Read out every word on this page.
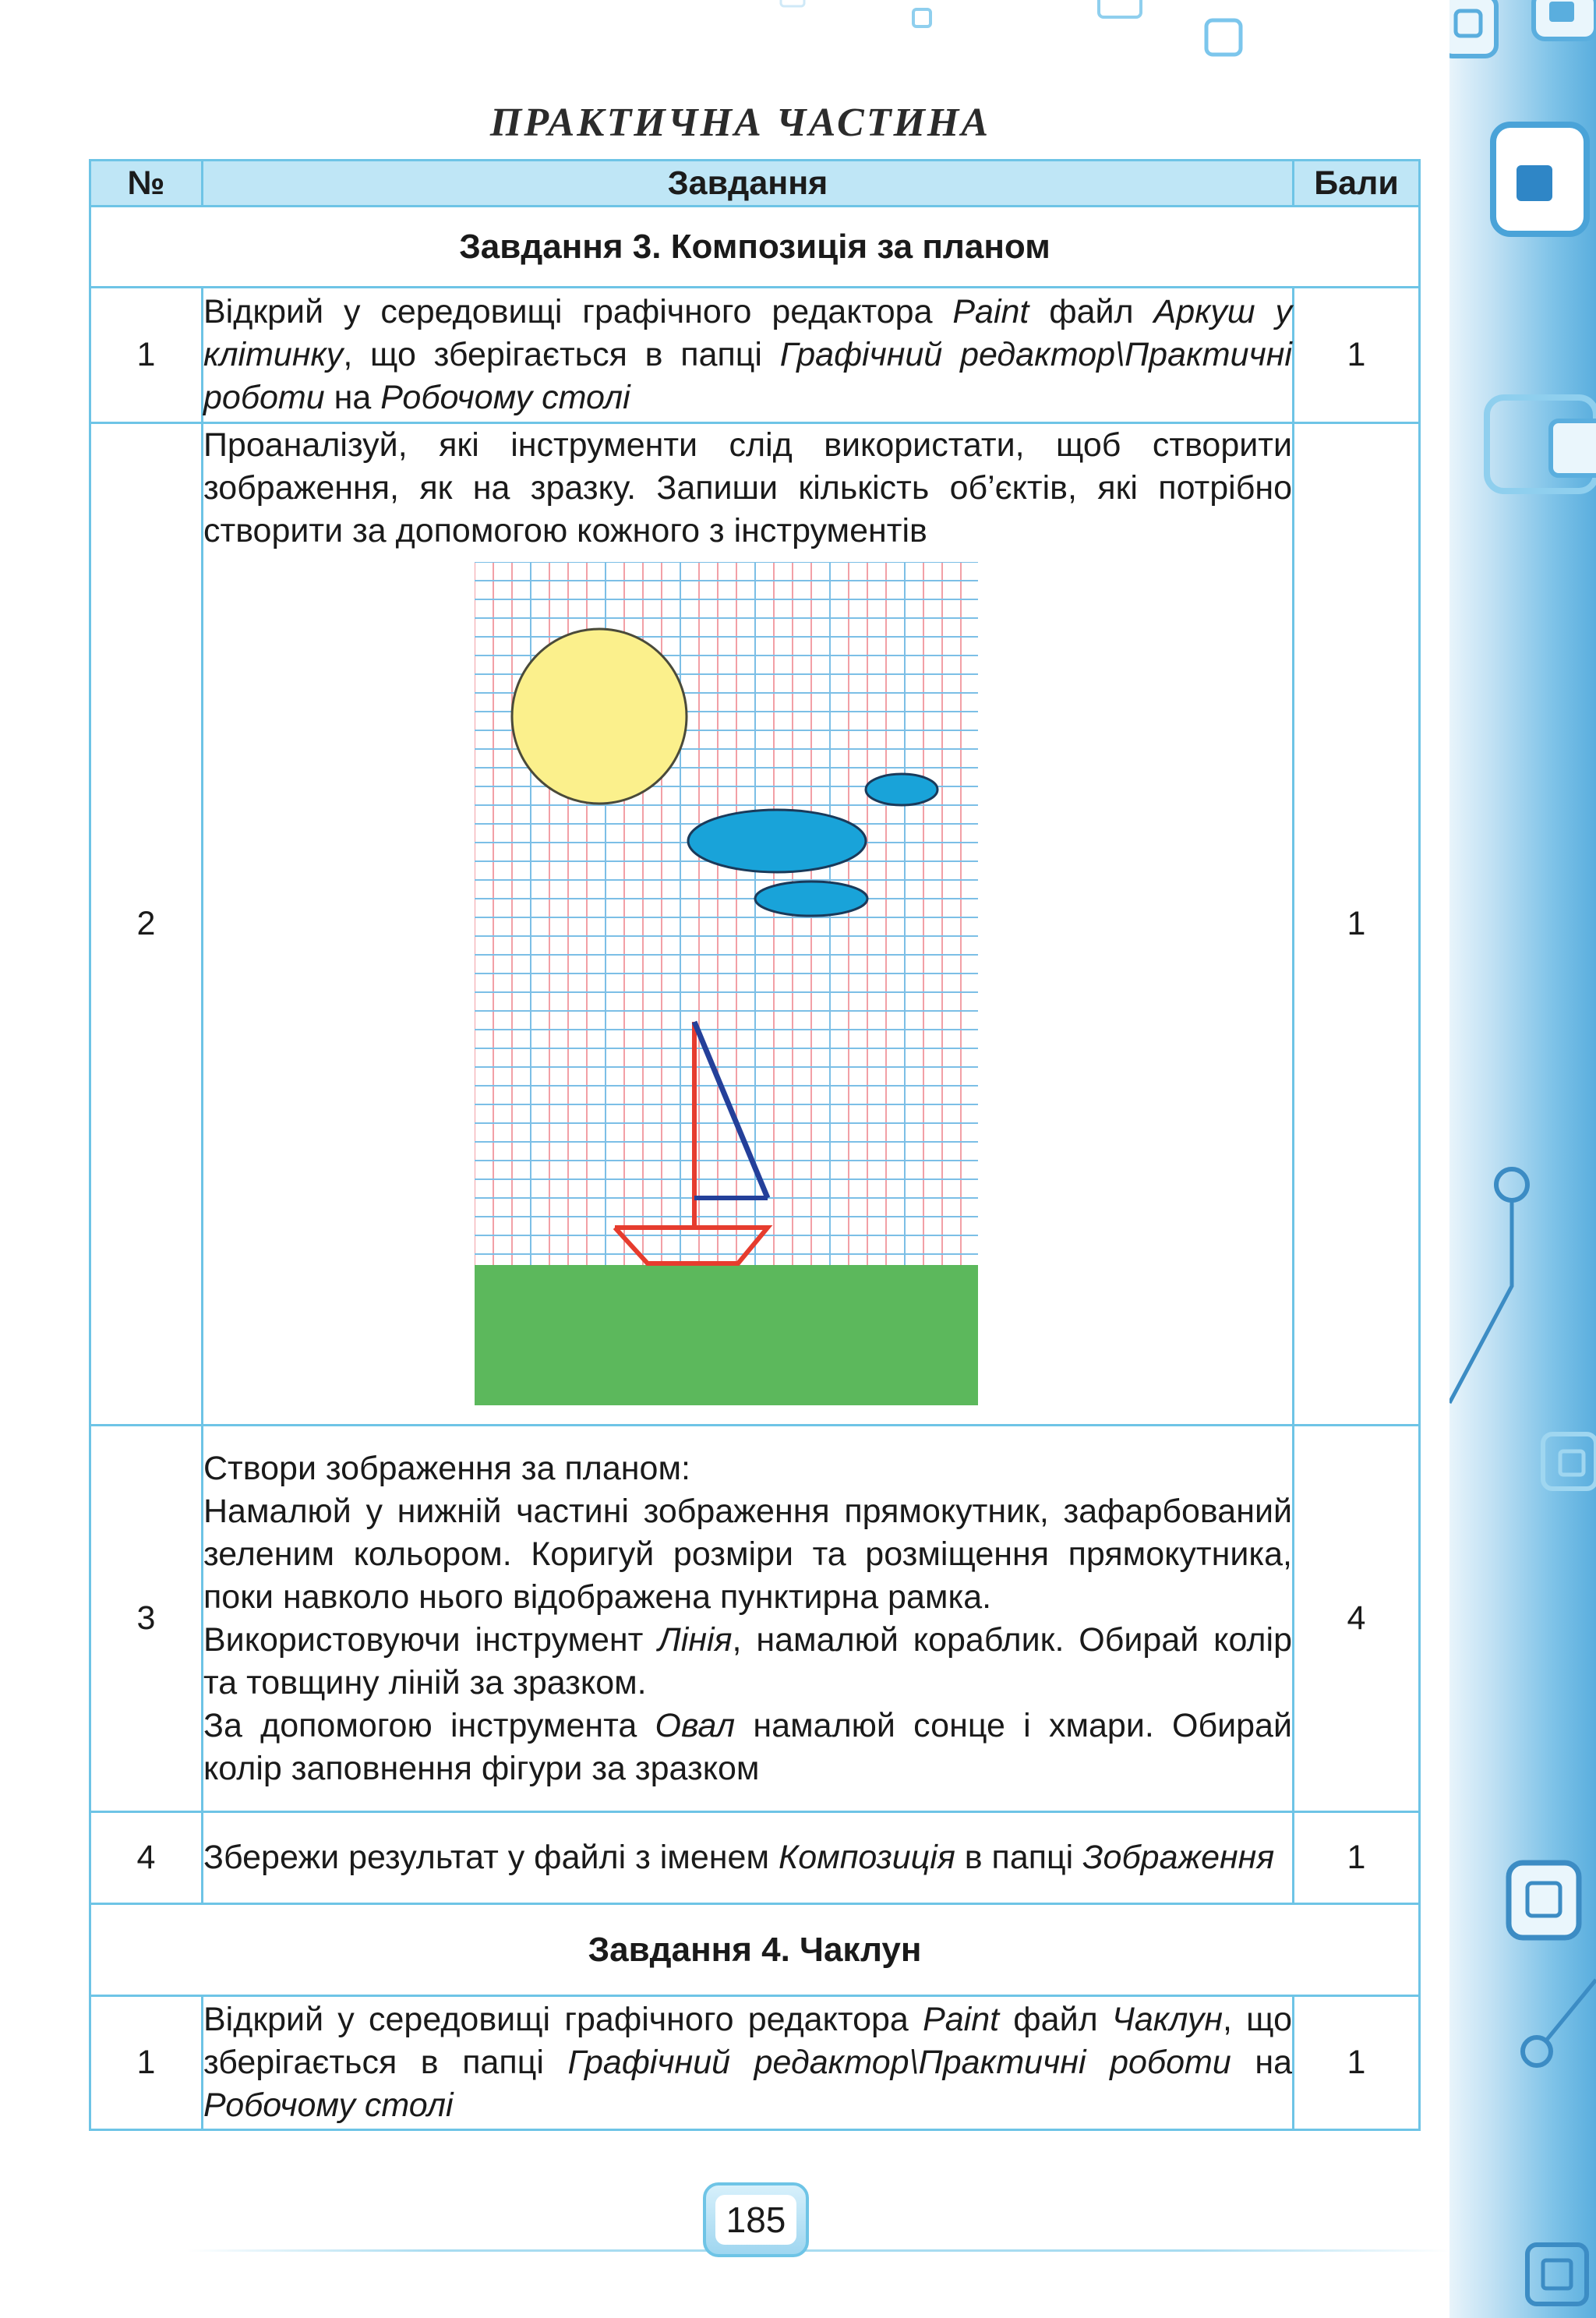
ПРАКТИЧНА ЧАСТИНА
№	Завдання	Бали
Завдання 3. Композиція за планом		
1	Відкрий у середовищі графічного редактора Paint файл Аркуш у клітинку, що зберігається в папці Графічний редактор\Практичні роботи на Робочому столі	1
2	Проаналізуй, які інструменти слід використати, щоб створити зображення, як на зразку. Запиши кількість об’єктів, які потрібно створити за допомогою кожного з інструментів	1
3	Створи зображення за планом:
Намалюй у нижній частині зображення прямокутник, зафарбований зеленим кольором. Коригуй розміри та розміщення прямокутника, поки навколо нього відображена пунктирна рамка.
Використовуючи інструмент Лінія, намалюй кораблик. Обирай колір та товщину ліній за зразком.
За допомогою інструмента Овал намалюй сонце і хмари. Обирай колір заповнення фігури за зразком	4
4	Збережи результат у файлі з іменем Композиція в папці Зображення	1
Завдання 4. Чаклун		
1	Відкрий у середовищі графічного редактора Paint файл Чаклун, що зберігається в папці Графічний редактор\Практичні роботи на Робочому столі	1
185
